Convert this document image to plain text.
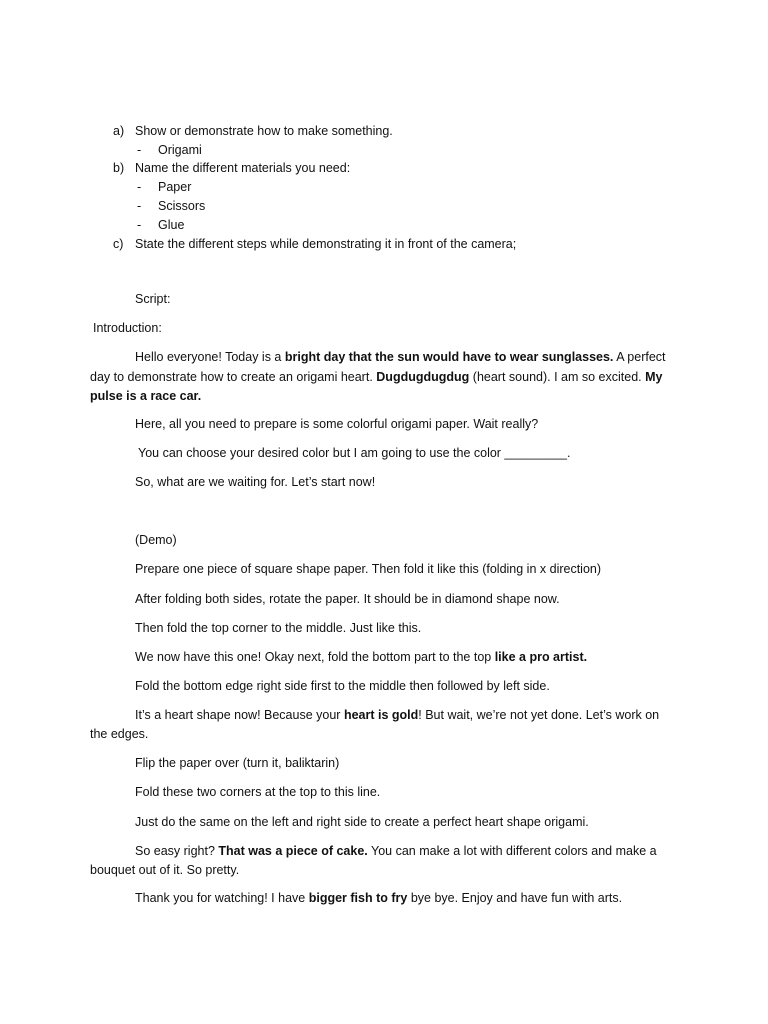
a) Show or demonstrate how to make something.
- Origami
b) Name the different materials you need:
- Paper
- Scissors
- Glue
c) State the different steps while demonstrating it in front of the camera;
Script:
Introduction:
Hello everyone! Today is a bright day that the sun would have to wear sunglasses. A perfect
day to demonstrate how to create an origami heart. Dugdugdugdug (heart sound). I am so excited. My
pulse is a race car.
Here, all you need to prepare is some colorful origami paper. Wait really?
You can choose your desired color but I am going to use the color _________.
So, what are we waiting for. Let’s start now!
(Demo)
Prepare one piece of square shape paper. Then fold it like this (folding in x direction)
After folding both sides, rotate the paper. It should be in diamond shape now.
Then fold the top corner to the middle. Just like this.
We now have this one! Okay next, fold the bottom part to the top like a pro artist.
Fold the bottom edge right side first to the middle then followed by left side.
It’s a heart shape now! Because your heart is gold! But wait, we’re not yet done. Let’s work on
the edges.
Flip the paper over (turn it, baliktarin)
Fold these two corners at the top to this line.
Just do the same on the left and right side to create a perfect heart shape origami.
So easy right? That was a piece of cake. You can make a lot with different colors and make a
bouquet out of it. So pretty.
Thank you for watching! I have bigger fish to fry bye bye. Enjoy and have fun with arts.
